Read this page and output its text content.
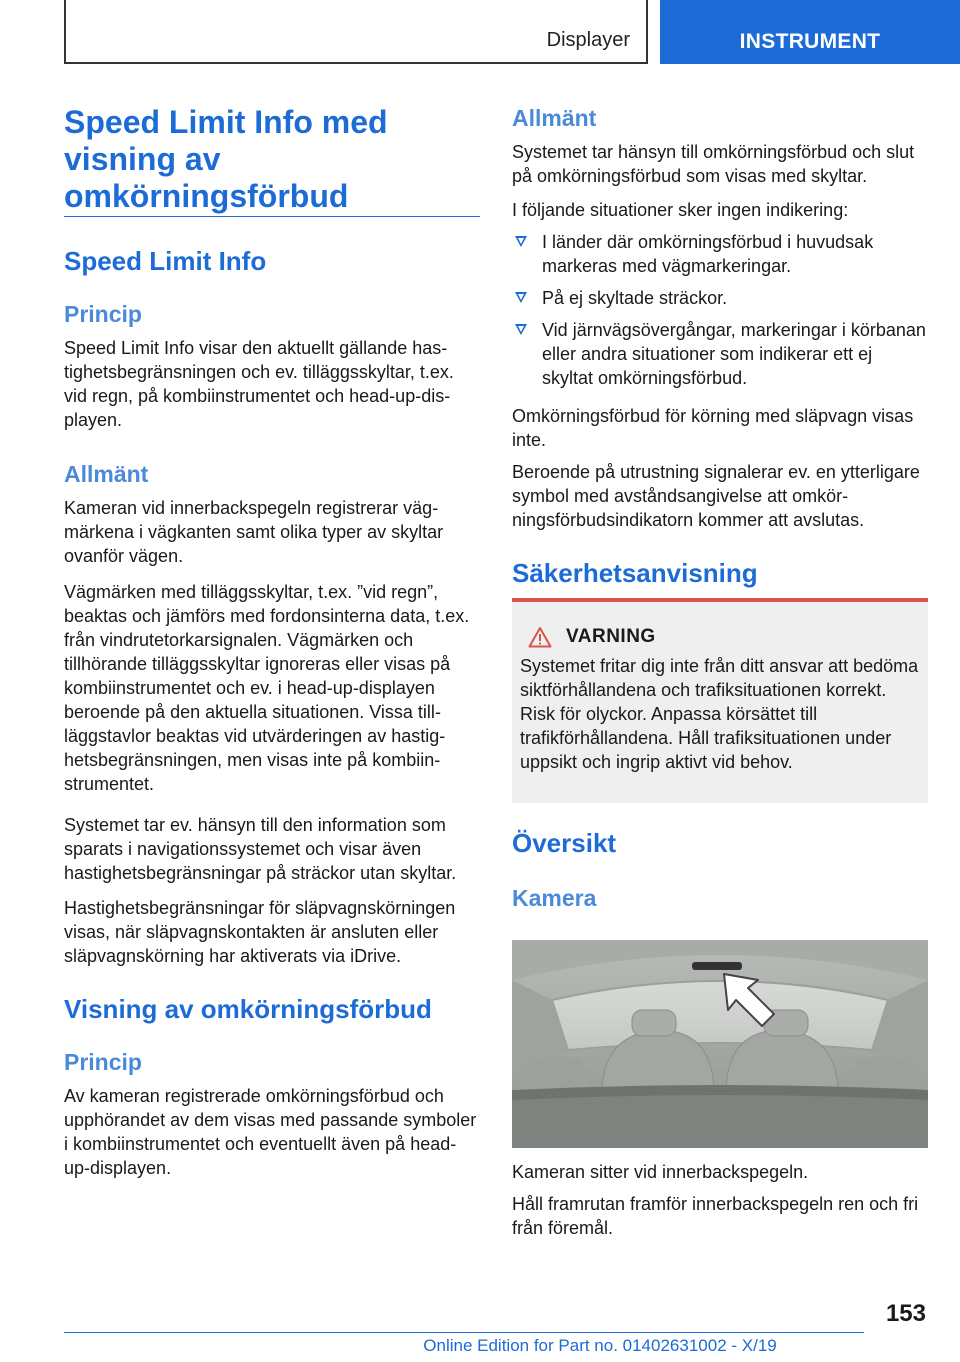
Displayer	INSTRUMENT
Speed Limit Info med visning av omkörningsförbud
Speed Limit Info
Princip

Speed Limit Info visar den aktuellt gällande hastighetsbegränsningen och ev. tilläggsskyltar, t.ex. vid regn, på kombiinstrumentet och head-up-displayen.

Allmänt

Kameran vid innerbackspegeln registrerar vägmärkena i vägkanten samt olika typer av skyltar ovanför vägen.

Vägmärken med tilläggsskyltar, t.ex. ”vid regn”, beaktas och jämförs med fordonsinterna data, t.ex. från vindrutetorkarsignalen. Vägmärken och tillhörande tilläggsskyltar ignoreras eller visas på kombiinstrumentet och ev. i head-up-displayen beroende på den aktuella situationen. Vissa tillläggstavlor beaktas vid utvärderingen av hastighetsbegränsningen, men visas inte på kombiinstrumentet.

Systemet tar ev. hänsyn till den information som sparats i navigationssystemet och visar även hastighetsbegränsningar på sträckor utan skyltar.

Hastighetsbegränsningar för släpvagnskörningen visas, när släpvagnskontakten är ansluten eller släpvagnskörning har aktiverats via iDrive.

Visning av omkörningsförbud
Princip

Av kameran registrerade omkörningsförbud och upphörandet av dem visas med passande symboler i kombiinstrumentet och eventuellt även på head-up-displayen.

Allmänt

Systemet tar hänsyn till omkörningsförbud och slut på omkörningsförbud som visas med skyltar.

I följande situationer sker ingen indikering:

I länder där omkörningsförbud i huvudsak markeras med vägmarkeringar.
På ej skyltade sträckor.
Vid järnvägsövergångar, markeringar i körbanan eller andra situationer som indikerar ett ej skyltat omkörningsförbud.

Omkörningsförbud för körning med släpvagn visas inte.

Beroende på utrustning signalerar ev. en ytterligare symbol med avståndsangivelse att omkörningsförbudsindikatorn kommer att avslutas.

Säkerhetsanvisning
VARNING
Systemet fritar dig inte från ditt ansvar att bedöma siktförhållandena och trafiksituationen korrekt. Risk för olyckor. Anpassa körsättet till trafikförhållandena. Håll trafiksituationen under uppsikt och ingrip aktivt vid behov.
Översikt
Kamera

Kameran sitter vid innerbackspegeln.

Håll framrutan framför innerbackspegeln ren och fri från föremål.

153
Online Edition for Part no. 01402631002 - X/19
